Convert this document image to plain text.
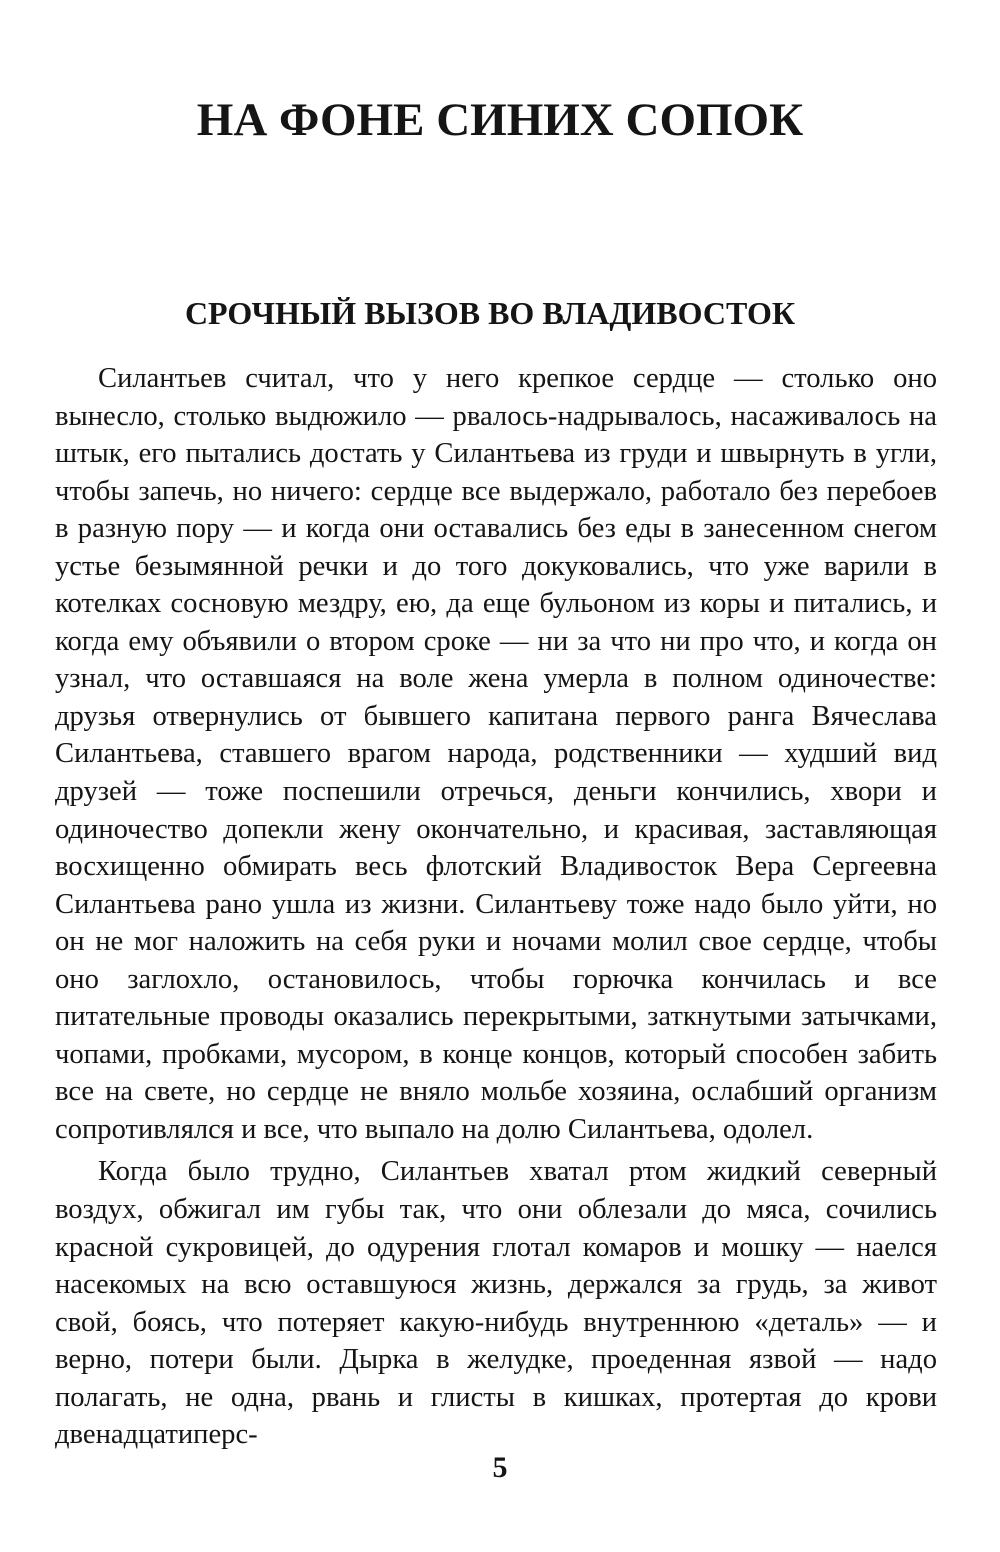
НА ФОНЕ СИНИХ СОПОК
СРОЧНЫЙ ВЫЗОВ ВО ВЛАДИВОСТОК

Силантьев считал, что у него крепкое сердце — столько оно вынесло, столько выдюжило — рвалось-надрывалось, насаживалось на штык, его пытались достать у Силантьева из груди и швырнуть в угли, чтобы запечь, но ничего: сердце все выдержало, работало без перебоев в разную пору — и когда они оставались без еды в занесенном снегом устье безымянной речки и до того докуковались, что уже варили в котелках сосновую мездру, ею, да еще бульоном из коры и питались, и когда ему объявили о втором сроке — ни за что ни про что, и когда он узнал, что оставшаяся на воле жена умерла в полном одиночестве: друзья отвернулись от бывшего капитана первого ранга Вячеслава Силантьева, ставшего врагом народа, родственники — худший вид друзей — тоже поспешили отречься, деньги кончились, хвори и одиночество допекли жену окончательно, и красивая, заставляющая восхищенно обмирать весь флотский Владивосток Вера Сергеевна Силантьева рано ушла из жизни. Силантьеву тоже надо было уйти, но он не мог наложить на себя руки и ночами молил свое сердце, чтобы оно заглохло, остановилось, чтобы горючка кончилась и все питательные проводы оказались перекрытыми, заткнутыми затычками, чопами, пробками, мусором, в конце концов, который способен забить все на свете, но сердце не вняло мольбе хозяина, ослабший организм сопротивлялся и все, что выпало на долю Силантьева, одолел.

Когда было трудно, Силантьев хватал ртом жидкий северный воздух, обжигал им губы так, что они облезали до мяса, сочились красной сукровицей, до одурения глотал комаров и мошку — наелся насекомых на всю оставшуюся жизнь, держался за грудь, за живот свой, боясь, что потеряет какую-нибудь внутреннюю «деталь» — и верно, потери были. Дырка в желудке, проеденная язвой — надо полагать, не одна, рвань и глисты в кишках, протертая до крови двенадцатиперс-

5
